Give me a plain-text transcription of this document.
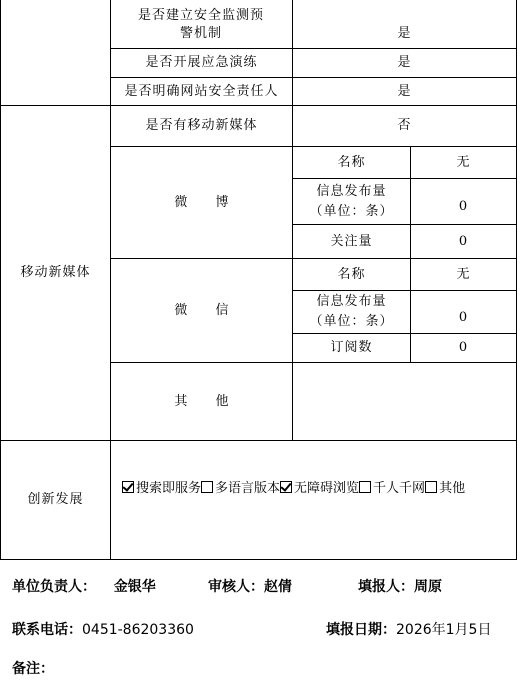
是否建立安全监测预警机制	是
是否开展应急演练	是
是否明确网站安全责任人	是
移动新媒体
是否有移动新媒体	否
微 博
名称	无
信息发布量（单位：条）	0
关注量	0
微 信
名称	无
信息发布量（单位：条）	0
订阅数	0
其 他
创新发展
搜索即服务 多语言版本 无障碍浏览 千人千网 其他
单位负责人： 金银华	审核人：赵倩	填报人：周原
联系电话：0451-86203360	填报日期：2026年1月5日
备注：
